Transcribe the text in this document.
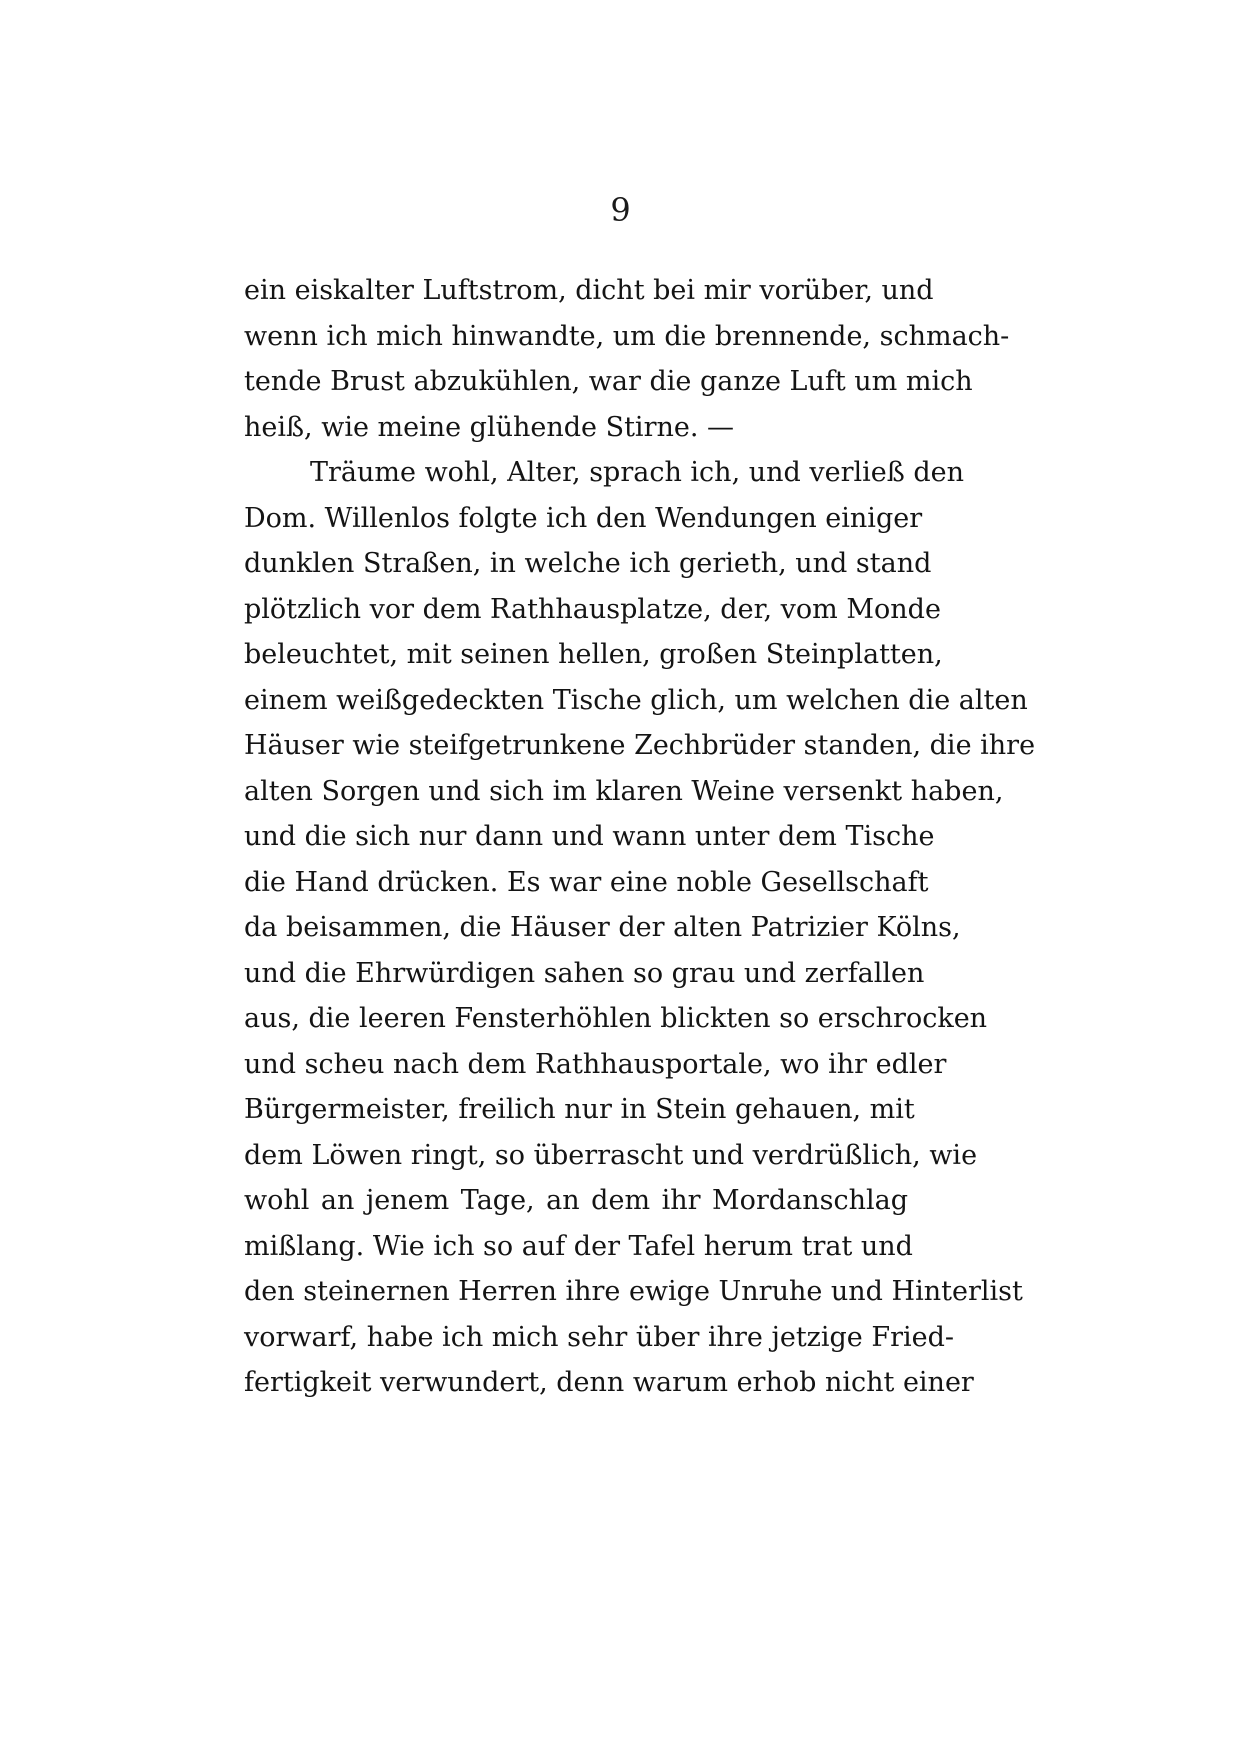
9
ein eiskalter Luftstrom, dicht bei mir vorüber, und
wenn ich mich hinwandte, um die brennende, schmach-
tende Brust abzukühlen, war die ganze Luft um mich
heiß, wie meine glühende Stirne. —
Träume wohl, Alter, sprach ich, und verließ den
Dom. Willenlos folgte ich den Wendungen einiger
dunklen Straßen, in welche ich gerieth, und stand
plötzlich vor dem Rathhausplatze, der, vom Monde
beleuchtet, mit seinen hellen, großen Steinplatten,
einem weißgedeckten Tische glich, um welchen die alten
Häuser wie steifgetrunkene Zechbrüder standen, die ihre
alten Sorgen und sich im klaren Weine versenkt haben,
und die sich nur dann und wann unter dem Tische
die Hand drücken. Es war eine noble Gesellschaft
da beisammen, die Häuser der alten Patrizier Kölns,
und die Ehrwürdigen sahen so grau und zerfallen
aus, die leeren Fensterhöhlen blickten so erschrocken
und scheu nach dem Rathhausportale, wo ihr edler
Bürgermeister, freilich nur in Stein gehauen, mit
dem Löwen ringt, so überrascht und verdrüßlich, wie
wohl an jenem Tage, an dem ihr Mordanschlag
mißlang. Wie ich so auf der Tafel herum trat und
den steinernen Herren ihre ewige Unruhe und Hinterlist
vorwarf, habe ich mich sehr über ihre jetzige Fried-
fertigkeit verwundert, denn warum erhob nicht einer
